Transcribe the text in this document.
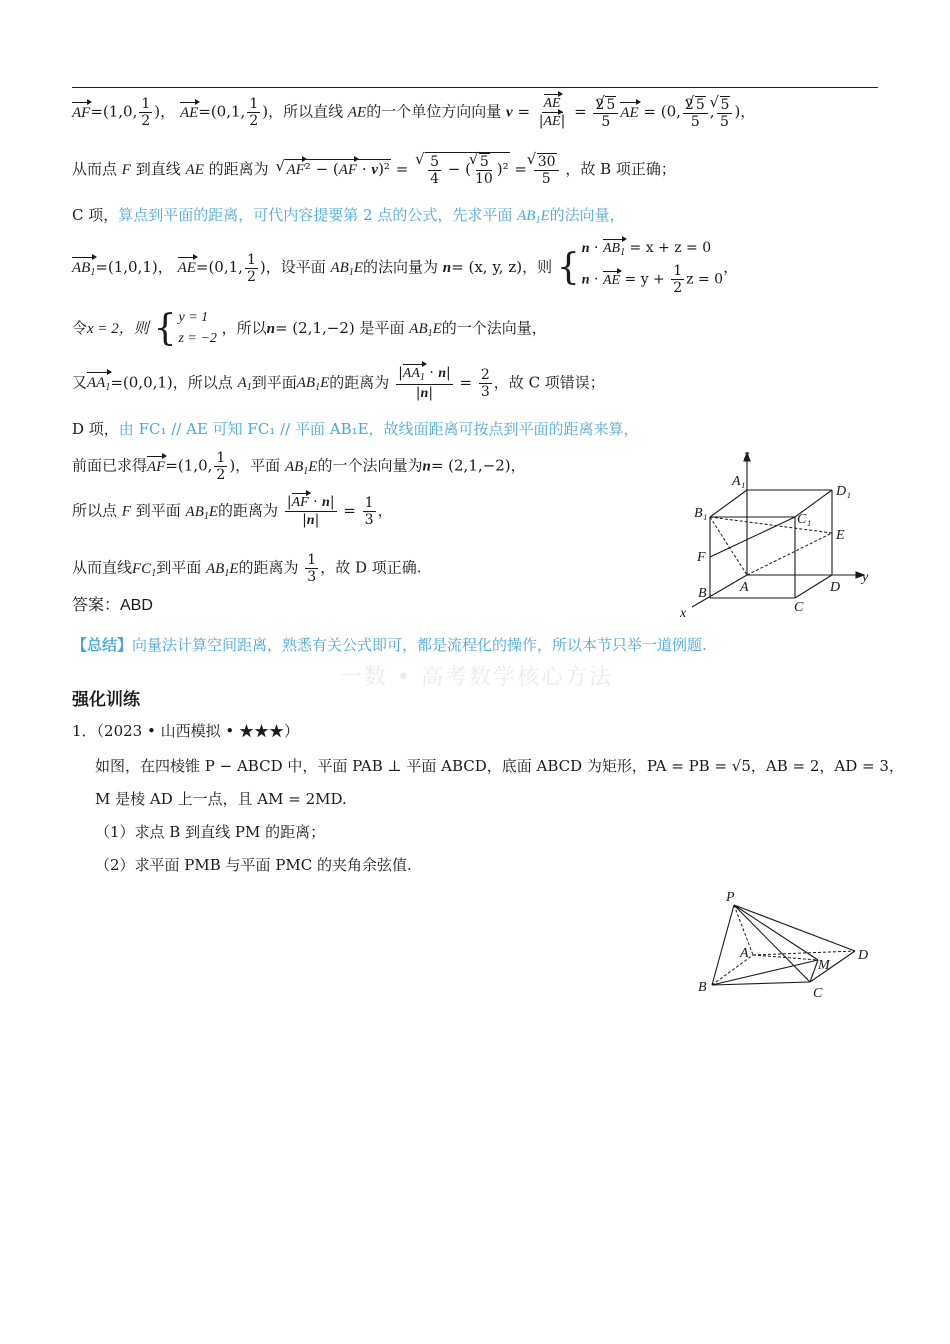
AF=(1,0, $\frac{1}{2}$ )， AE=(0,1, $\frac{1}{2}$ )，所以直线 AE的一个单位方向向量 $v = \frac{AE}{|AE|} = \frac{2 √ 5}{5}$ AE = (0, $\frac{2 √ 5}{5}$ , √ $\frac{5}{5}$ )，
从而点 F 到直线 AE 的距离为 √ AF² − (AF · v)² = √ $\frac{5}{4}$ − ( √ $\frac{5}{10} )^2$ = √ $\frac{30}{5}$ ，故 B 项正确；
C 项，算点到平面的距离，可代内容提要第 2 点的公式，先求平面 $AB_1E$的法向量，
$AB_1=(1,0,1)$， AE=(0,1, $\frac{1}{2}$ )，设平面 $AB_1E$的法向量为 n= (x, y, z)，则 { $n \cdot AB_1 = x + z = 0$
n · AE = $y + \frac{1}{2}$ z = 0
，
令x = 2，则 { y = 1
z = −2
，所以n= (2,1,−2) 是平面 $AB_1E$的一个法向量，
又$AA_1=(0,0,1)$，所以点 $A_1$到平面$AB_1E$的距离为 $\frac{|AA_1 \cdot n|}{|n|} = \frac{2}{3}$ ，故 C 项错误；
D 项，由 FC₁ // AE 可知 FC₁ // 平面 AB₁E，故线面距离可按点到平面的距离来算，
前面已求得AF=(1,0, $\frac{1}{2}$ )，平面 $AB_1E$的一个法向量为n= (2,1,−2)，
所以点 F 到平面 $AB_1E$的距离为 $\frac{|AF \cdot n|}{|n|} = \frac{1}{3}$ ，
从而直线$FC_1$到平面 $AB_1E$的距离为 $\frac{1}{3}$ ，故 D 项正确.
答案：ABD
【总结】向量法计算空间距离，熟悉有关公式即可，都是流程化的操作，所以本节只举一道例题.
一数 • 高考数学核心方法
强化训练
1．（2023 • 山西模拟 • ★★★）
如图，在四棱锥 P − ABCD 中，平面 PAB ⊥ 平面 ABCD，底面 ABCD 为矩形，PA = PB = √5，AB = 2，AD = 3，
M 是棱 AD 上一点，且 AM = 2MD.
（1）求点 B 到直线 PM 的距离；
（2）求平面 PMB 与平面 PMC 的夹角余弦值.
z
A₁
D₁
B₁	C₁
E
F
y
A
B	D
C
x
P
A
M
D
B	C
